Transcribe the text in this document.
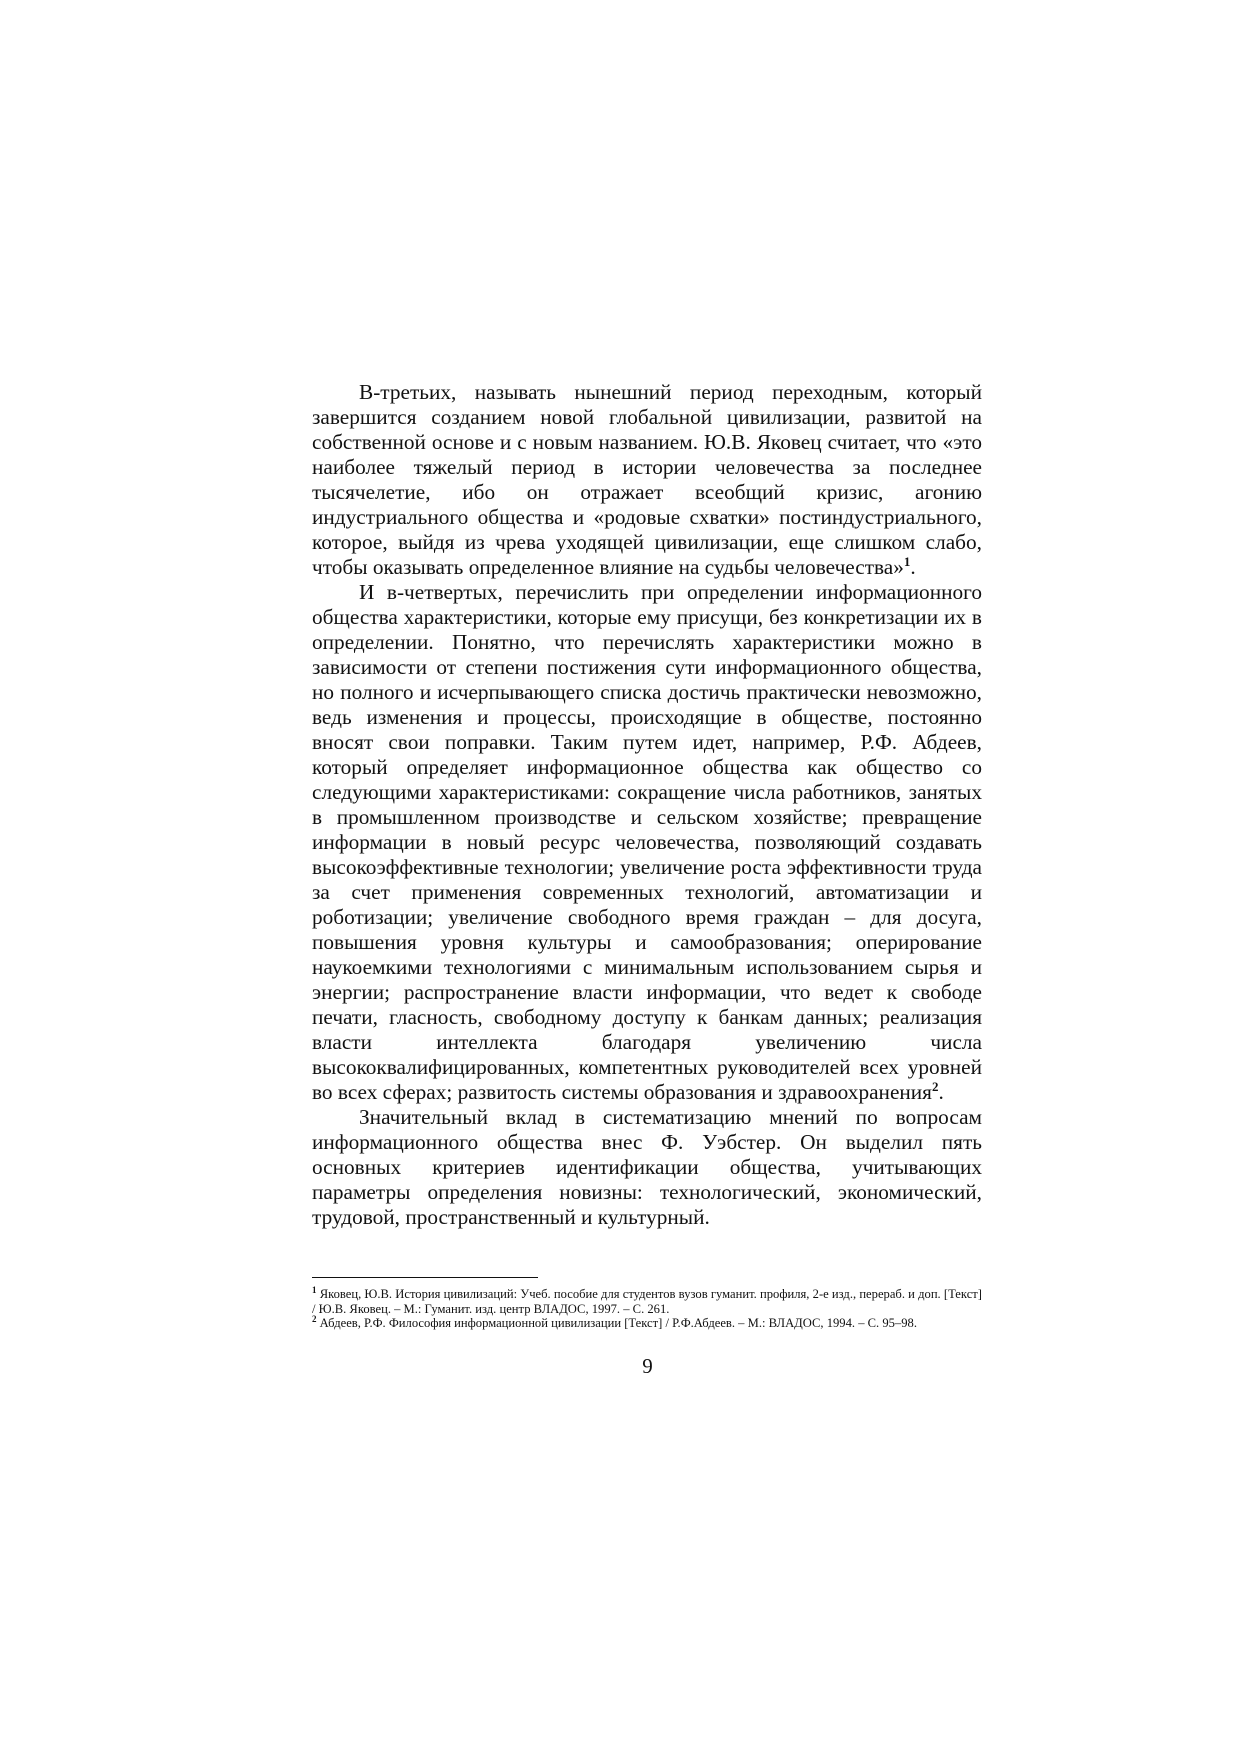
В-третьих, называть нынешний период переходным, который завершится созданием новой глобальной цивилизации, развитой на собственной основе и с новым названием. Ю.В. Яковец считает, что «это наиболее тяжелый период в истории человечества за последнее тысячелетие, ибо он отражает всеобщий кризис, агонию индустриального общества и «родовые схватки» постиндустриального, которое, выйдя из чрева уходящей цивилизации, еще слишком слабо, чтобы оказывать определенное влияние на судьбы человечества»$^1$.

И в-четвертых, перечислить при определении информационного общества характеристики, которые ему присущи, без конкретизации их в определении. Понятно, что перечислять характеристики можно в зависимости от степени постижения сути информационного общества, но полного и исчерпывающего списка достичь практически невозможно, ведь изменения и процессы, происходящие в обществе, постоянно вносят свои поправки. Таким путем идет, например, Р.Ф. Абдеев, который определяет информационное общества как общество со следующими характеристиками: сокращение числа работников, занятых в промышленном производстве и сельском хозяйстве; превращение информации в новый ресурс человечества, позволяющий создавать высокоэффективные технологии; увеличение роста эффективности труда за счет применения современных технологий, автоматизации и роботизации; увеличение свободного время граждан – для досуга, повышения уровня культуры и самообразования; оперирование наукоемкими технологиями с минимальным использованием сырья и энергии; распространение власти информации, что ведет к свободе печати, гласность, свободному доступу к банкам данных; реализация власти интеллекта благодаря увеличению числа высококвалифицированных, компетентных руководителей всех уровней во всех сферах; развитость системы образования и здравоохранения$^2$.

Значительный вклад в систематизацию мнений по вопросам информационного общества внес Ф. Уэбстер. Он выделил пять основных критериев идентификации общества, учитывающих параметры определения новизны: технологический, экономический, трудовой, пространственный и культурный.

$^1$ Яковец, Ю.В. История цивилизаций: Учеб. пособие для студентов вузов гуманит. профиля, 2-е изд., перераб. и доп. [Текст] / Ю.В. Яковец. – М.: Гуманит. изд. центр ВЛАДОС, 1997. – С. 261.

$^2$ Абдеев, Р.Ф. Философия информационной цивилизации [Текст] / Р.Ф.Абдеев. – М.: ВЛАДОС, 1994. – С. 95–98.

9
